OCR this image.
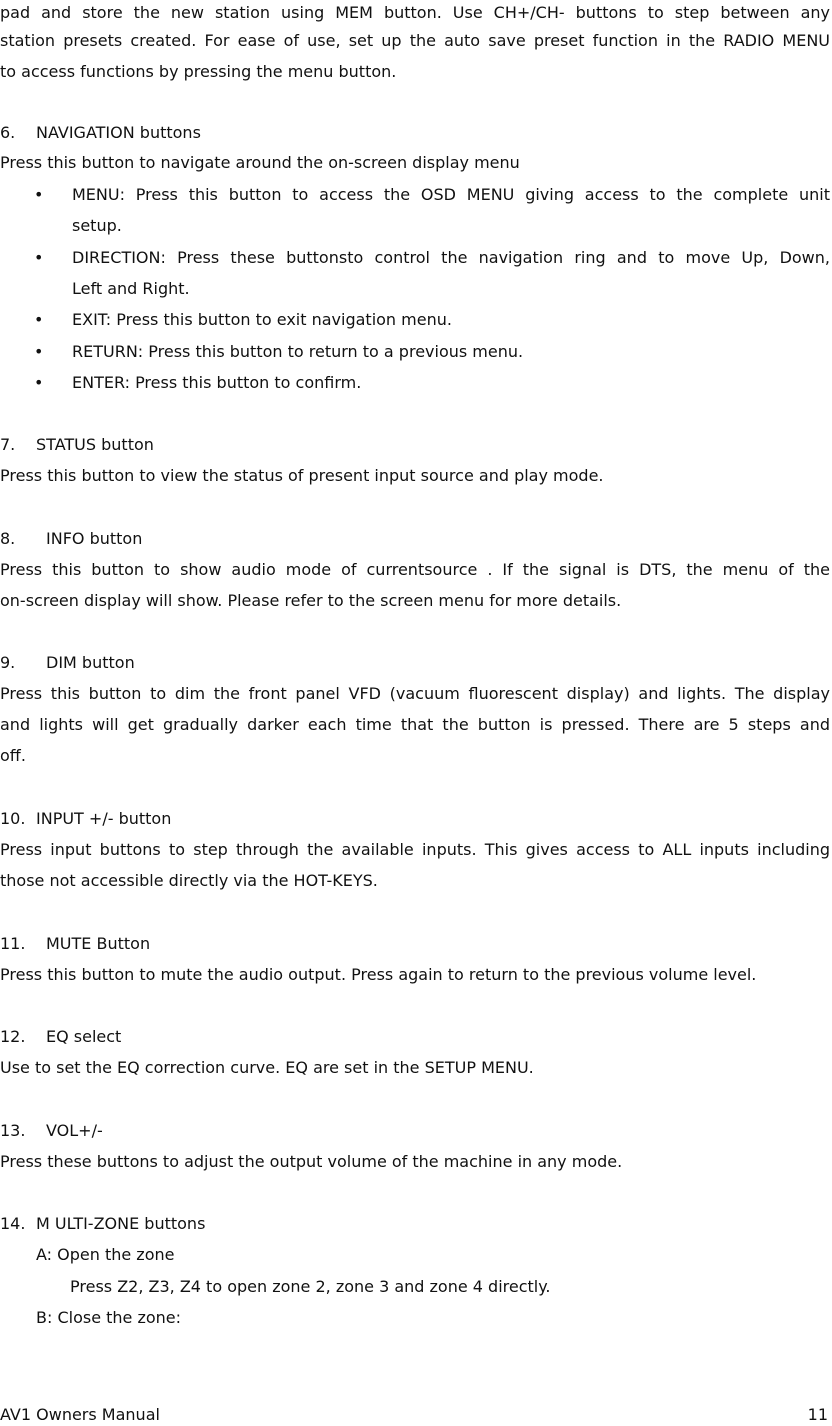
pad and store the new station using MEM button. Use CH+/CH- buttons to step between any
station presets created. For ease of use, set up the auto save preset function in the RADIO MENU
to access functions by pressing the menu button.
6. NAVIGATION buttons
Press this button to navigate around the on-screen display menu
• MENU: Press this button to access the OSD MENU giving access to the complete unit
setup.
• DIRECTION: Press these buttonsto control the navigation ring and to move Up, Down,
Left and Right.
• EXIT: Press this button to exit navigation menu.
• RETURN: Press this button to return to a previous menu.
• ENTER: Press this button to confirm.
7. STATUS button
Press this button to view the status of present input source and play mode.
8. INFO button
Press this button to show audio mode of currentsource . If the signal is DTS, the menu of the
on-screen display will show. Please refer to the screen menu for more details.
9. DIM button
Press this button to dim the front panel VFD (vacuum fluorescent display) and lights. The display
and lights will get gradually darker each time that the button is pressed. There are 5 steps and
off.
10. INPUT +/- button
Press input buttons to step through the available inputs. This gives access to ALL inputs including
those not accessible directly via the HOT-KEYS.
11. MUTE Button
Press this button to mute the audio output. Press again to return to the previous volume level.
12. EQ select
Use to set the EQ correction curve. EQ are set in the SETUP MENU.
13. VOL+/-
Press these buttons to adjust the output volume of the machine in any mode.
14. M ULTI-ZONE buttons
A: Open the zone
Press Z2, Z3, Z4 to open zone 2, zone 3 and zone 4 directly.
B: Close the zone:
AV1 Owners Manual	11
